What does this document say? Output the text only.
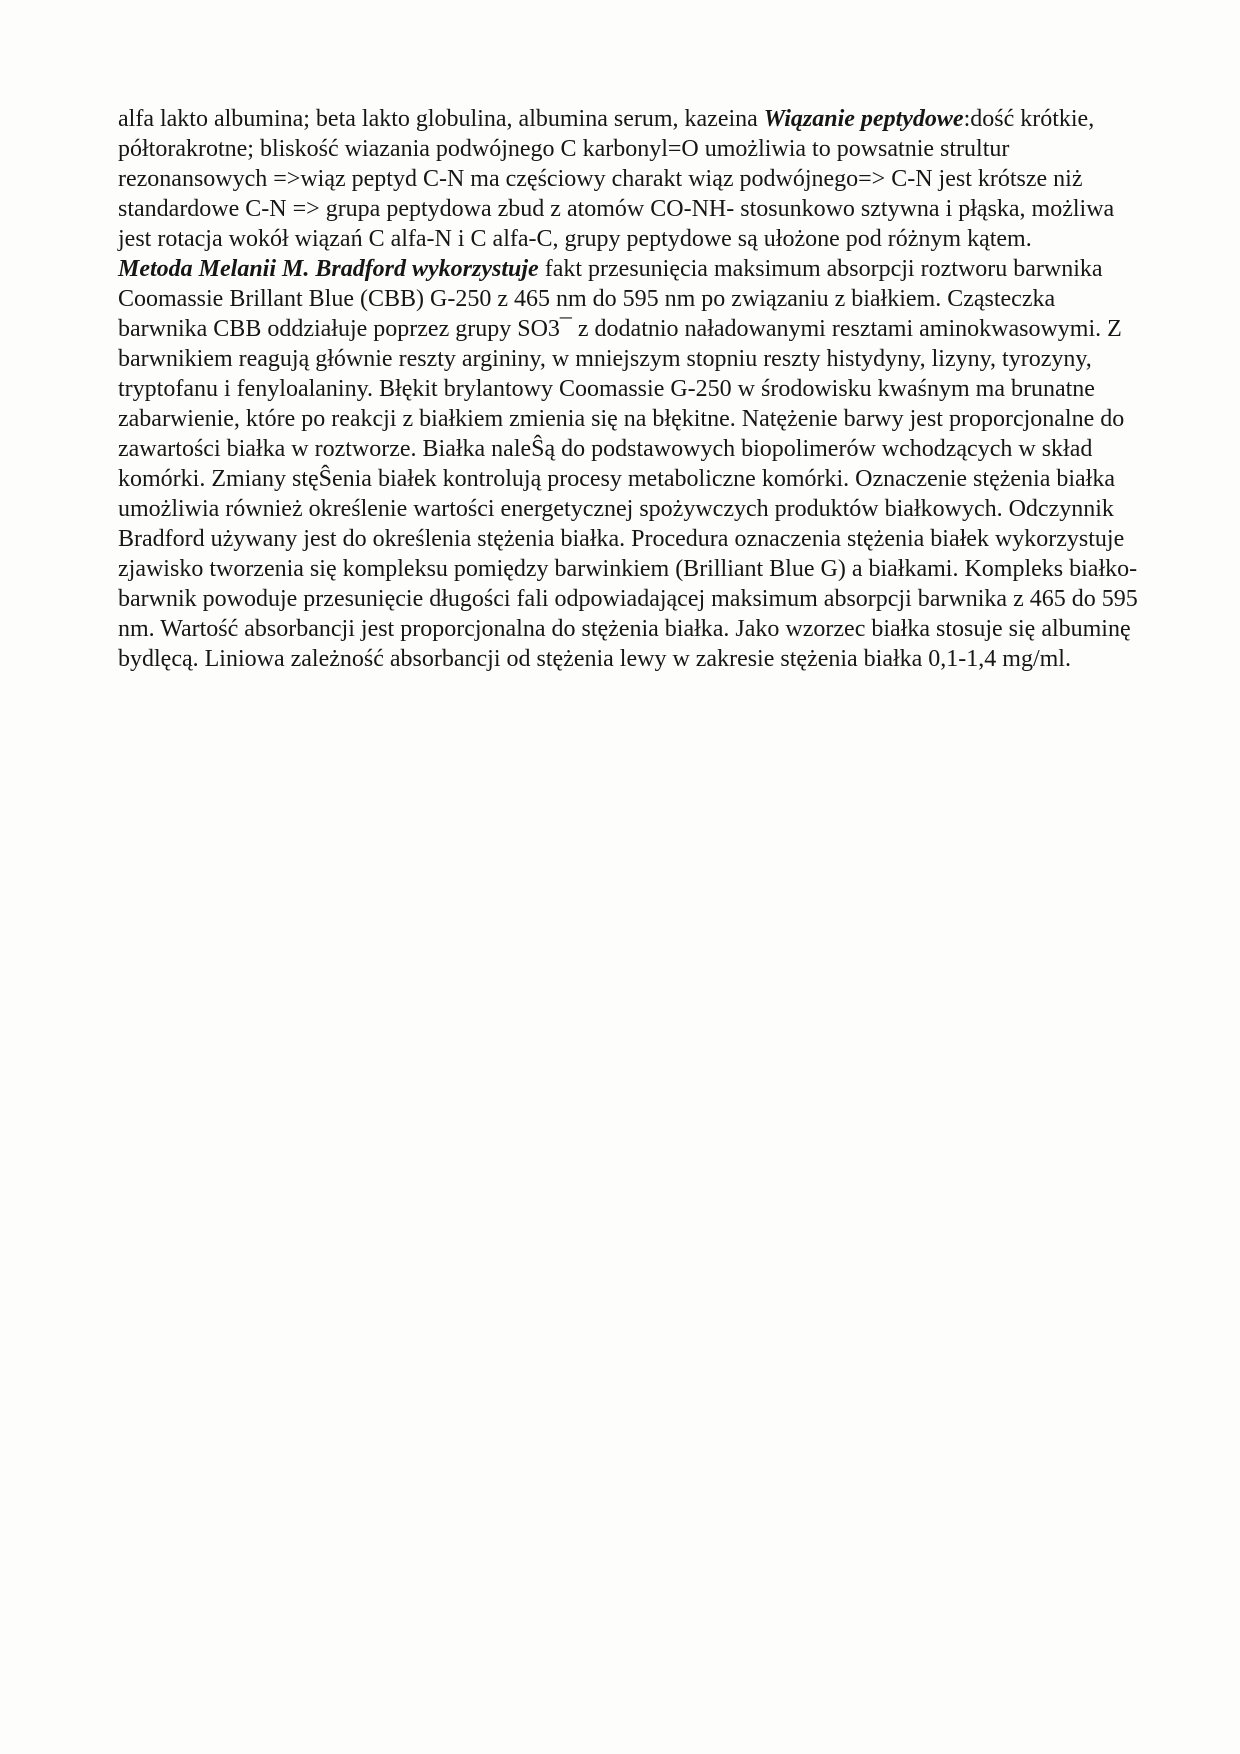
alfa lakto albumina; beta lakto globulina, albumina serum, kazeina Wiązanie peptydowe:dość krótkie, półtorakrotne; bliskość wiazania podwójnego C karbonyl=O umożliwia to powsatnie strultur rezonansowych =>wiąz peptyd C-N ma częściowy charakt wiąz podwójnego=> C-N jest krótsze niż standardowe C-N => grupa peptydowa zbud z atomów CO-NH- stosunkowo sztywna i płąska, możliwa jest rotacja wokół wiązań C alfa-N i C alfa-C, grupy peptydowe są ułożone pod różnym kątem.

Metoda Melanii M. Bradford wykorzystuje fakt przesunięcia maksimum absorpcji roztworu barwnika Coomassie Brillant Blue (CBB) G-250 z 465 nm do 595 nm po związaniu z białkiem. Cząsteczka barwnika CBB oddziałuje poprzez grupy SO3¯ z dodatnio naładowanymi resztami aminokwasowymi. Z barwnikiem reagują głównie reszty argininy, w mniejszym stopniu reszty histydyny, lizyny, tyrozyny, tryptofanu i fenyloalaniny. Błękit brylantowy Coomassie G-250 w środowisku kwaśnym ma brunatne zabarwienie, które po reakcji z białkiem zmienia się na błękitne. Natężenie barwy jest proporcjonalne do zawartości białka w roztworze. Białka naleŜą do podstawowych biopolimerów wchodzących w skład komórki. Zmiany stęŜenia białek kontrolują procesy metaboliczne komórki. Oznaczenie stężenia białka umożliwia również określenie wartości energetycznej spożywczych produktów białkowych. Odczynnik Bradford używany jest do określenia stężenia białka. Procedura oznaczenia stężenia białek wykorzystuje zjawisko tworzenia się kompleksu pomiędzy barwinkiem (Brilliant Blue G) a białkami. Kompleks białko-barwnik powoduje przesunięcie długości fali odpowiadającej maksimum absorpcji barwnika z 465 do 595 nm. Wartość absorbancji jest proporcjonalna do stężenia białka. Jako wzorzec białka stosuje się albuminę bydlęcą. Liniowa zależność absorbancji od stężenia lewy w zakresie stężenia białka 0,1-1,4 mg/ml.
